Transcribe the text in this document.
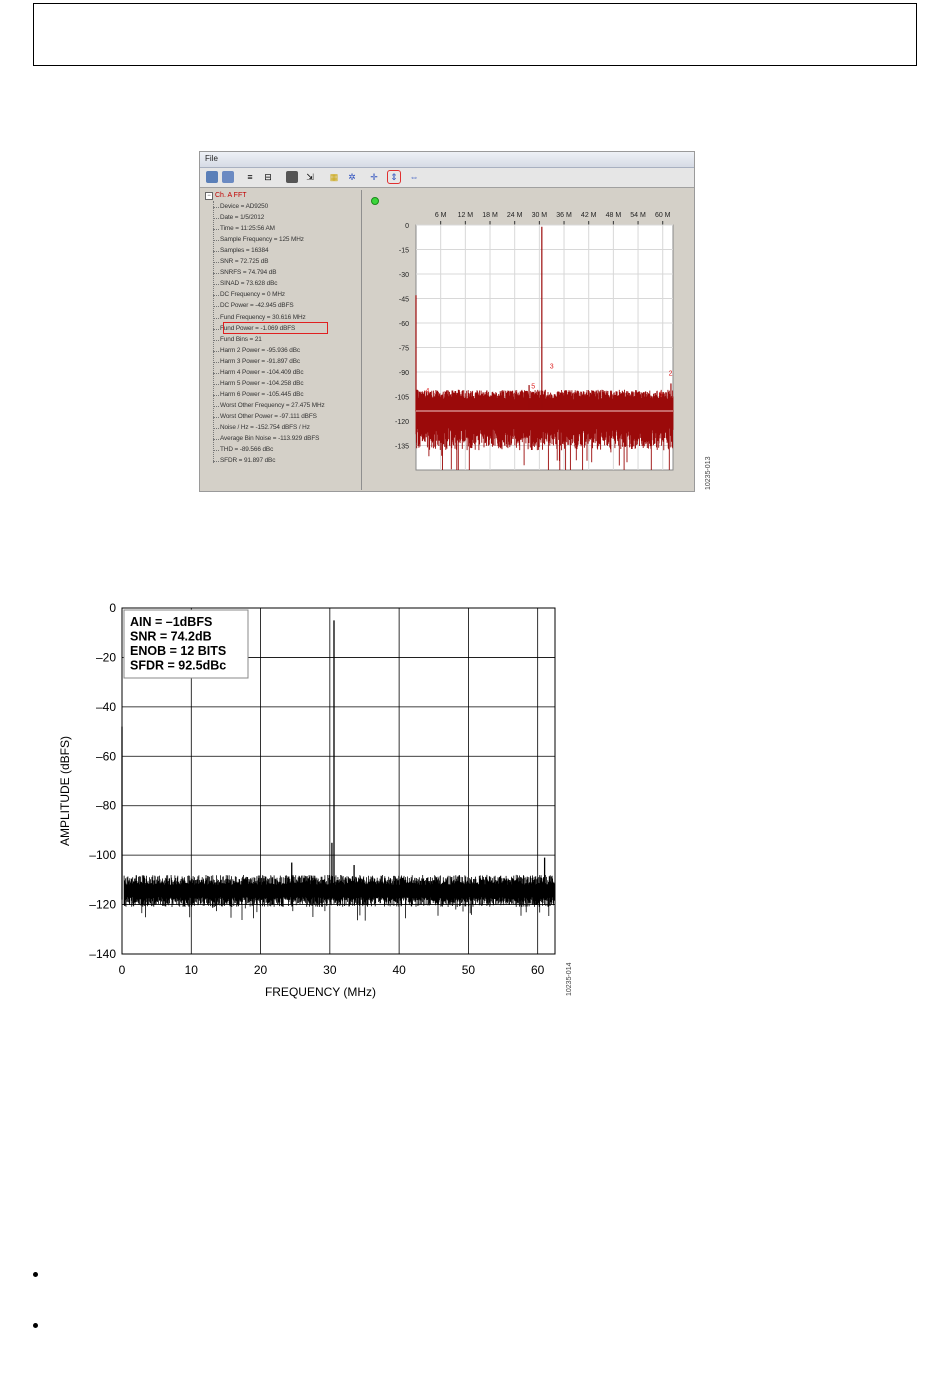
File
≡	⊟	⇲ ▦ ✲ ✛ ⇕ ⇔
− Ch. A FFT
Device = AD9250
Date = 1/5/2012
Time = 11:25:56 AM
Sample Frequency = 125 MHz
Samples = 16384
SNR = 72.725 dB
SNRFS = 74.794 dB
SINAD = 73.628 dBc
DC Frequency = 0 MHz
DC Power = -42.945 dBFS
Fund Frequency = 30.616 MHz
Fund Power = -1.069 dBFS
Fund Bins = 21
Harm 2 Power = -95.936 dBc
Harm 3 Power = -91.897 dBc
Harm 4 Power = -104.409 dBc
Harm 5 Power = -104.258 dBc
Harm 6 Power = -105.445 dBc
Worst Other Frequency = 27.475 MHz
Worst Other Power = -97.111 dBFS
Noise / Hz = -152.754 dBFS / Hz
Average Bin Noise = -113.929 dBFS
THD = -89.566 dBc
SFDR = 91.897 dBc
6 M 12 M 18 M 24 M 30 M 36 M 42 M 48 M 54 M 60 M
0
-15
-30
-45
-60
-75
-90
-105
-120
-135
2
3
4
5
6
10235-013
0	10	20	30	40	50	60
0
–20
–40
–60
–80
–100
–120
–140
FREQUENCY (MHz)
AMPLITUDE (dBFS)
AIN = –1dBFS
SNR = 74.2dB
ENOB = 12 BITS
SFDR = 92.5dBc
10235-014
